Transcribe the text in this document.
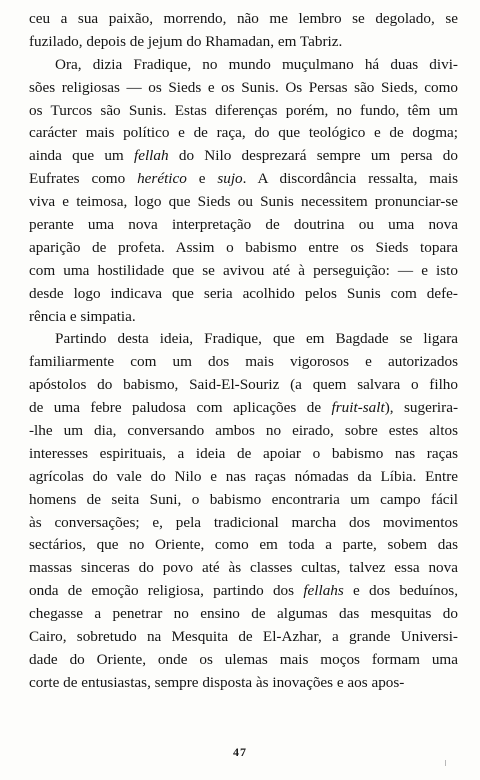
ceu a sua paixão, morrendo, não me lembro se degolado, se
fuzilado, depois de jejum do Rhamadan, em Tabriz.
Ora, dizia Fradique, no mundo muçulmano há duas divi-
sões religiosas — os Sieds e os Sunis. Os Persas são Sieds, como
os Turcos são Sunis. Estas diferenças porém, no fundo, têm um
carácter mais político e de raça, do que teológico e de dogma;
ainda que um fellah do Nilo desprezará sempre um persa do
Eufrates como herético e sujo. A discordância ressalta, mais
viva e teimosa, logo que Sieds ou Sunis necessitem pronunciar-se
perante uma nova interpretação de doutrina ou uma nova
aparição de profeta. Assim o babismo entre os Sieds topara
com uma hostilidade que se avivou até à perseguição: — e isto
desde logo indicava que seria acolhido pelos Sunis com defe-
rência e simpatia.
Partindo desta ideia, Fradique, que em Bagdade se ligara
familiarmente com um dos mais vigorosos e autorizados
apóstolos do babismo, Said-El-Souriz (a quem salvara o filho
de uma febre paludosa com aplicações de fruit-salt), sugerira-
-lhe um dia, conversando ambos no eirado, sobre estes altos
interesses espirituais, a ideia de apoiar o babismo nas raças
agrícolas do vale do Nilo e nas raças nómadas da Líbia. Entre
homens de seita Suni, o babismo encontraria um campo fácil
às conversações; e, pela tradicional marcha dos movimentos
sectários, que no Oriente, como em toda a parte, sobem das
massas sinceras do povo até às classes cultas, talvez essa nova
onda de emoção religiosa, partindo dos fellahs e dos beduínos,
chegasse a penetrar no ensino de algumas das mesquitas do
Cairo, sobretudo na Mesquita de El-Azhar, a grande Universi-
dade do Oriente, onde os ulemas mais moços formam uma
corte de entusiastas, sempre disposta às inovações e aos apos-
47
